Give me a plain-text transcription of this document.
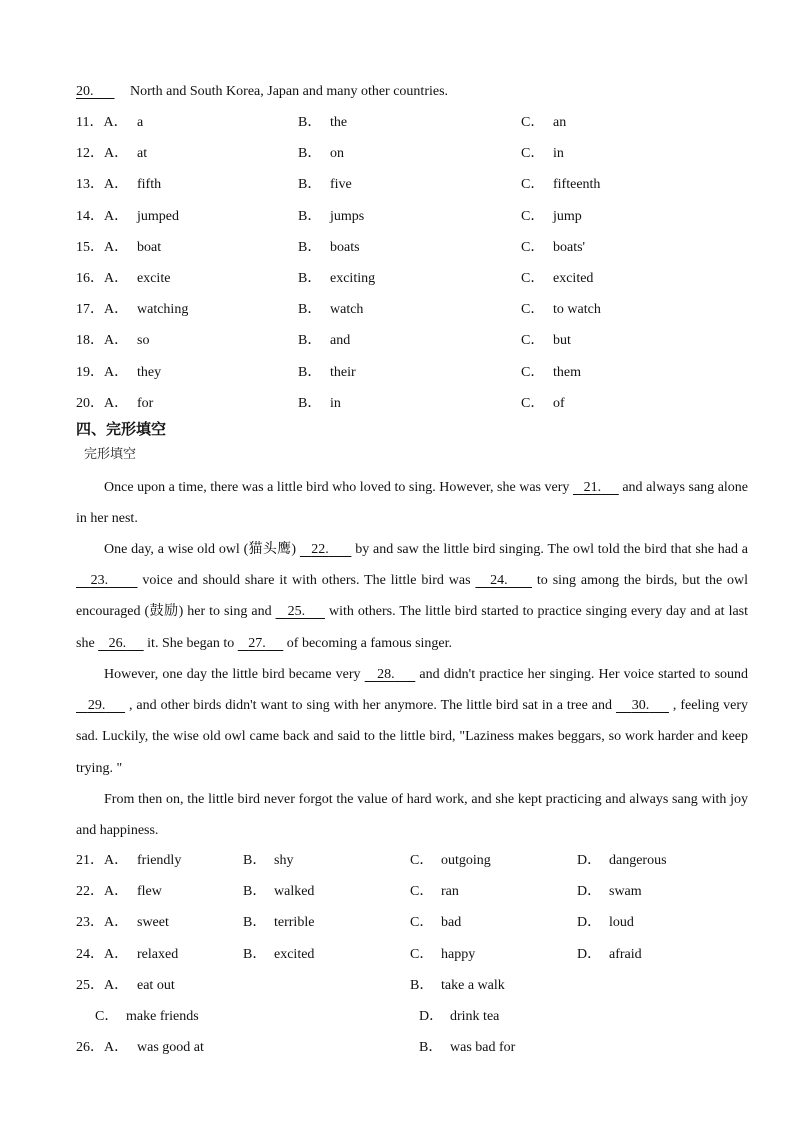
20.	North and South Korea, Japan and many other countries.
11．A． a	B． the	C． an
12．A． at	B． on	C． in
13．A． fifth	B． five	C． fifteenth
14．A． jumped	B． jumps	C． jump
15．A． boat	B． boats	C． boats'
16．A． excite	B． exciting	C． excited
17．A． watching	B． watch	C． to watch
18．A． so	B． and	C． but
19．A． they	B． their	C． them
20．A． for	B． in	C． of
四、完形填空
完形填空
Once upon a time, there was a little bird who loved to sing. However, she was very    21.      and always sang alone in her nest.
One day, a wise old owl (猫头鹰)    22.       by and saw the little bird singing. The owl told the bird that she had a    23.       voice and should share it with others. The little bird was    24.      to sing among the birds, but the owl encouraged (鼓励) her to sing and    25.      with others. The little bird started to practice singing every day and at last she    26.      it. She began to    27.      of becoming a famous singer.
However, one day the little bird became very    28.      and didn't practice her singing. Her voice started to sound    29.      , and other birds didn't want to sing with her anymore. The little bird sat in a tree and     30.      , feeling very sad. Luckily, the wise old owl came back and said to the little bird, "Laziness makes beggars, so work harder and keep trying. "
From then on, the little bird never forgot the value of hard work, and she kept practicing and always sang with joy and happiness.
21．A． friendly	B． shy	C． outgoing	D． dangerous
22．A． flew	B． walked	C． ran	D． swam
23．A． sweet	B． terrible	C． bad	D． loud
24．A． relaxed	B． excited	C． happy	D． afraid
25．A． eat out	B． take a walk
C． make friends	D． drink tea
26．A． was good at	B． was bad for
